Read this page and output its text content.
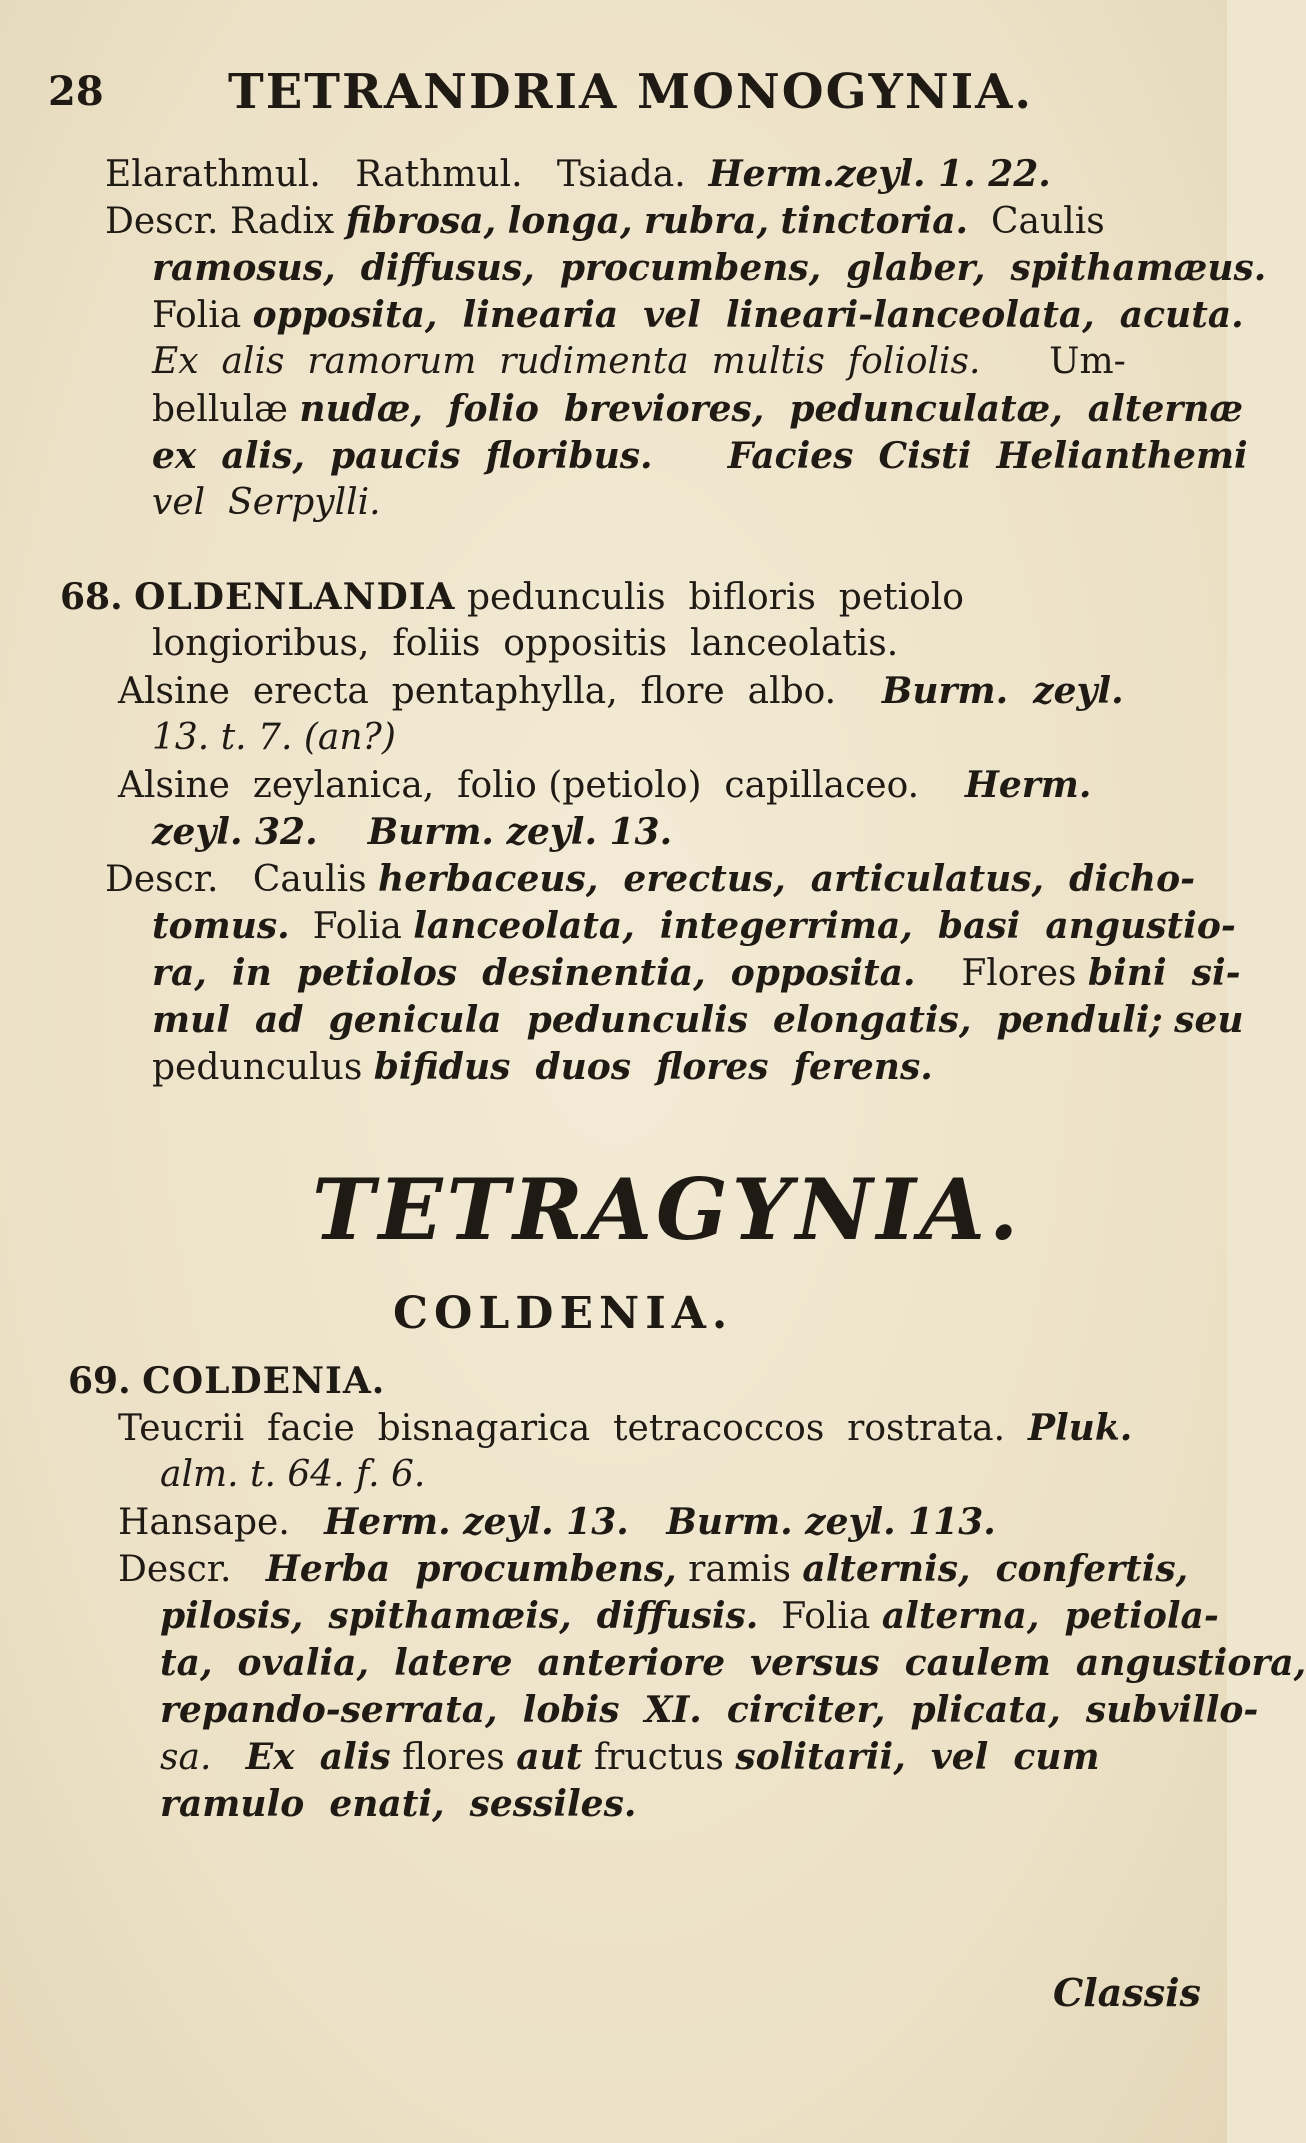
28	TETRANDRIA MONOGYNIA.
Elarathmul. Rathmul. Tsiada. Herm.zeyl. 1. 22.
Descr. Radix fibrosa, longa, rubra, tinctoria. Caulis
ramosus,  diffusus,  procumbens,  glaber,  spithamæus.
Folia opposita,  linearia  vel  lineari-lanceolata,  acuta.
Ex  alis  ramorum  rudimenta  multis  foliolis. Um-
bellulæ nudæ,  folio  breviores,  pedunculatæ,  alternæ
ex  alis,  paucis  floribus.      Facies  Cisti  Helianthemi
vel  Serpylli.
68. OLDENLANDIA pedunculis  bifloris  petiolo
longioribus,  foliis  oppositis  lanceolatis.
Alsine  erecta  pentaphylla,  flore  albo. Burm.  zeyl.
13. t. 7. (an?)
Alsine  zeylanica,  folio (petiolo)  capillaceo. Herm.
zeyl. 32.    Burm. zeyl. 13.
Descr. Caulis herbaceus,  erectus,  articulatus,  dicho-
tomus. Folia lanceolata,  integerrima,  basi  angustio-
ra,  in  petiolos  desinentia,  opposita. Flores bini  si-
mul  ad  genicula  pedunculis  elongatis,  penduli; seu
pedunculus bifidus  duos  flores  ferens.
TETRAGYNIA.
COLDENIA.
69. COLDENIA.
Teucrii  facie  bisnagarica  tetracoccos  rostrata. Pluk.
alm. t. 64. f. 6.
Hansape. Herm. zeyl. 13.   Burm. zeyl. 113.
Descr. Herba  procumbens, ramis alternis,  confertis,
pilosis,  spithamæis,  diffusis. Folia alterna,  petiola-
ta,  ovalia,  latere  anteriore  versus  caulem  angustiora,
repando-serrata,  lobis  XI.  circiter,  plicata,  subvillo-
sa. Ex  alis flores aut fructus solitarii,  vel  cum
ramulo  enati,  sessiles.
Classis
